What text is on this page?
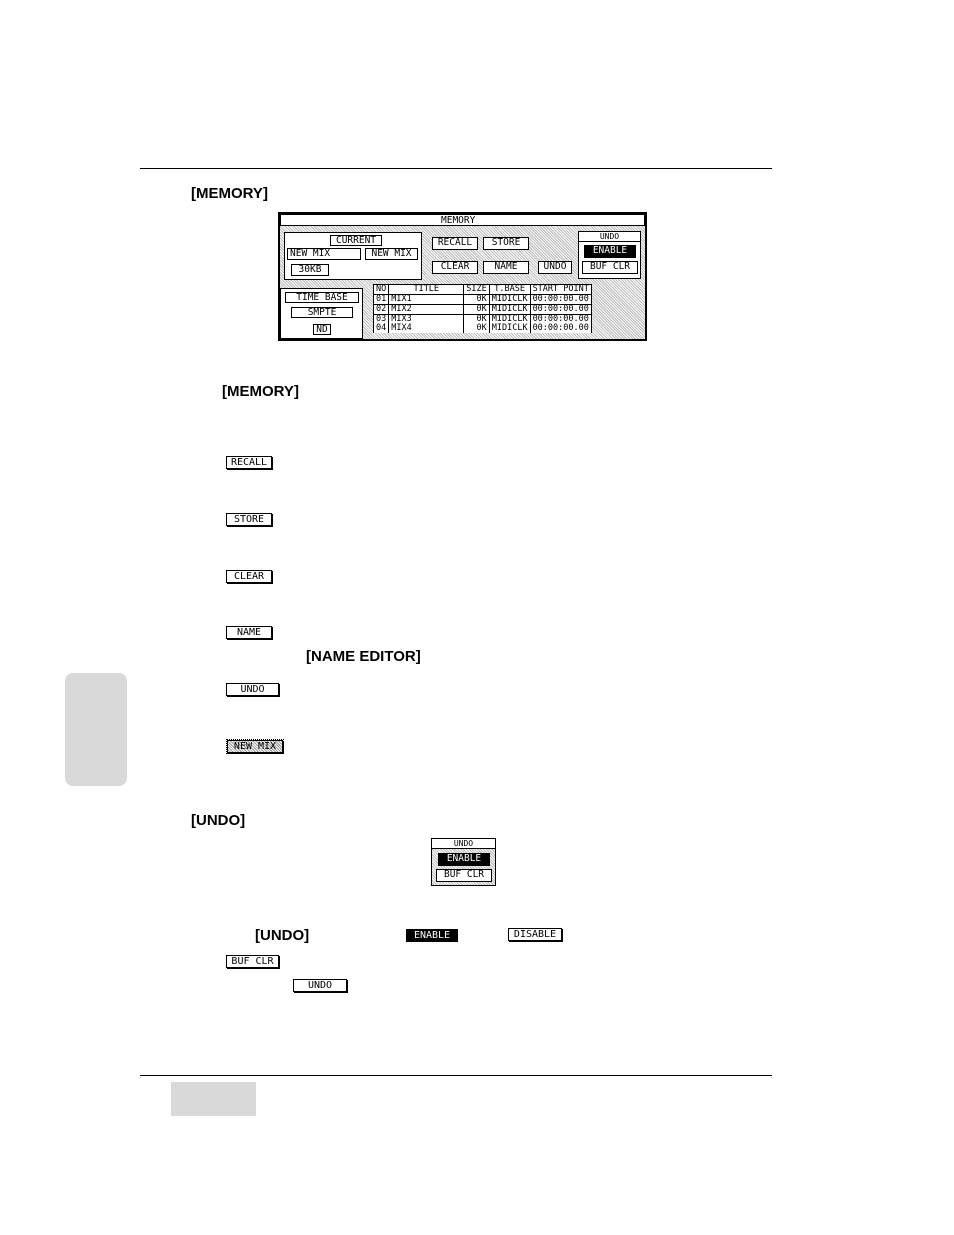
[MEMORY]
MEMORY
CURRENT
NEW MIX	NEW MIX
30KB
RECALL	STORE
CLEAR	NAME	UNDO
UNDO
ENABLE
BUF CLR
TIME BASE
SMPTE
ND
NO	TITLE	SIZE	T.BASE	START POINT
01	MIX1	0K	MIDICLK	00:00:00.00
02	MIX2	0K	MIDICLK	00:00:00.00
03	MIX3	0K	MIDICLK	00:00:00.00
04	MIX4	0K	MIDICLK	00:00:00.00
[MEMORY]
RECALL
STORE
CLEAR
NAME
[NAME EDITOR]
UNDO
NEW MIX
[UNDO]
UNDO
ENABLE
BUF CLR
[UNDO]	ENABLE	DISABLE
BUF CLR
UNDO
